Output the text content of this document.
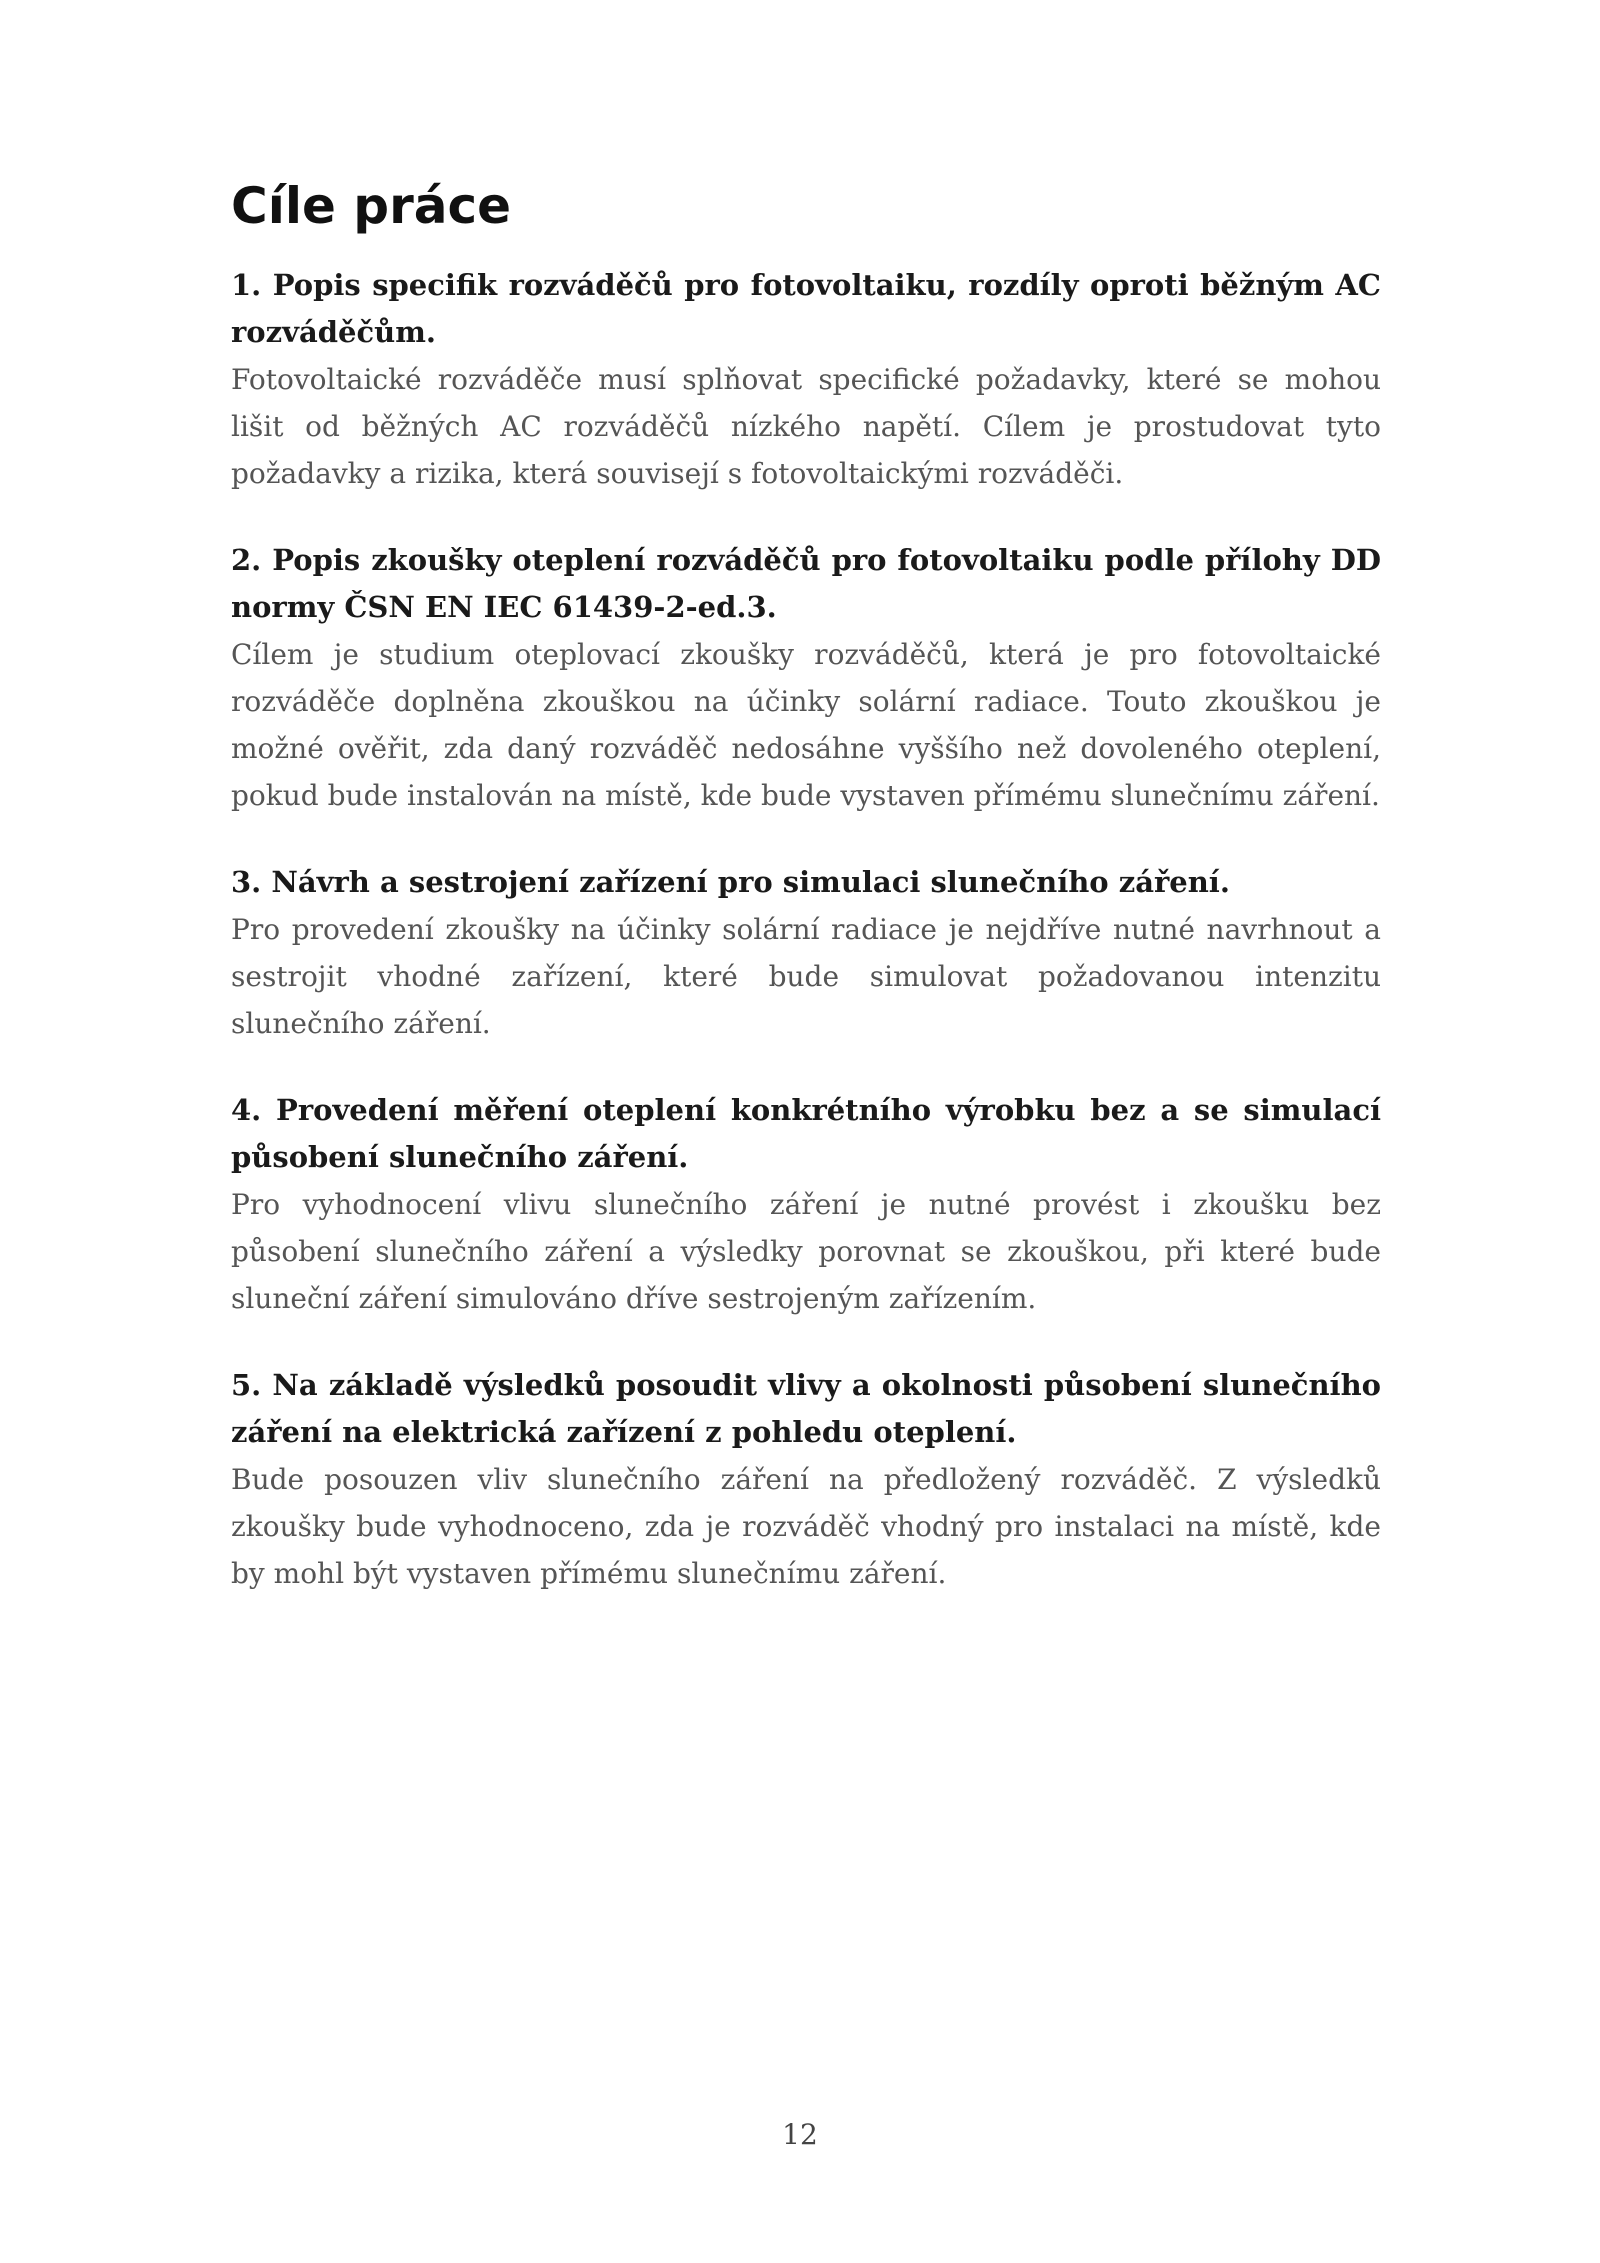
Cíle práce

1. Popis specifik rozváděčů pro fotovoltaiku, rozdíly oproti běžným AC rozváděčům.

Fotovoltaické rozváděče musí splňovat specifické požadavky, které se mohou lišit od běžných AC rozváděčů nízkého napětí. Cílem je prostudovat tyto požadavky a rizika, která souvisejí s fotovoltaickými rozváděči.

2. Popis zkoušky oteplení rozváděčů pro fotovoltaiku podle přílohy DD normy ČSN EN IEC 61439-2-ed.3.

Cílem je studium oteplovací zkoušky rozváděčů, která je pro fotovoltaické rozváděče doplněna zkouškou na účinky solární radiace. Touto zkouškou je možné ověřit, zda daný rozváděč nedosáhne vyššího než dovoleného oteplení, pokud bude instalován na místě, kde bude vystaven přímému slunečnímu záření.

3. Návrh a sestrojení zařízení pro simulaci slunečního záření.

Pro provedení zkoušky na účinky solární radiace je nejdříve nutné navrhnout a sestrojit vhodné zařízení, které bude simulovat požadovanou intenzitu slunečního záření.

4. Provedení měření oteplení konkrétního výrobku bez a se simulací působení slunečního záření.

Pro vyhodnocení vlivu slunečního záření je nutné provést i zkoušku bez působení slunečního záření a výsledky porovnat se zkouškou, při které bude sluneční záření simulováno dříve sestrojeným zařízením.

5. Na základě výsledků posoudit vlivy a okolnosti působení slunečního záření na elektrická zařízení z pohledu oteplení.

Bude posouzen vliv slunečního záření na předložený rozváděč. Z výsledků zkoušky bude vyhodnoceno, zda je rozváděč vhodný pro instalaci na místě, kde by mohl být vystaven přímému slunečnímu záření.

12
